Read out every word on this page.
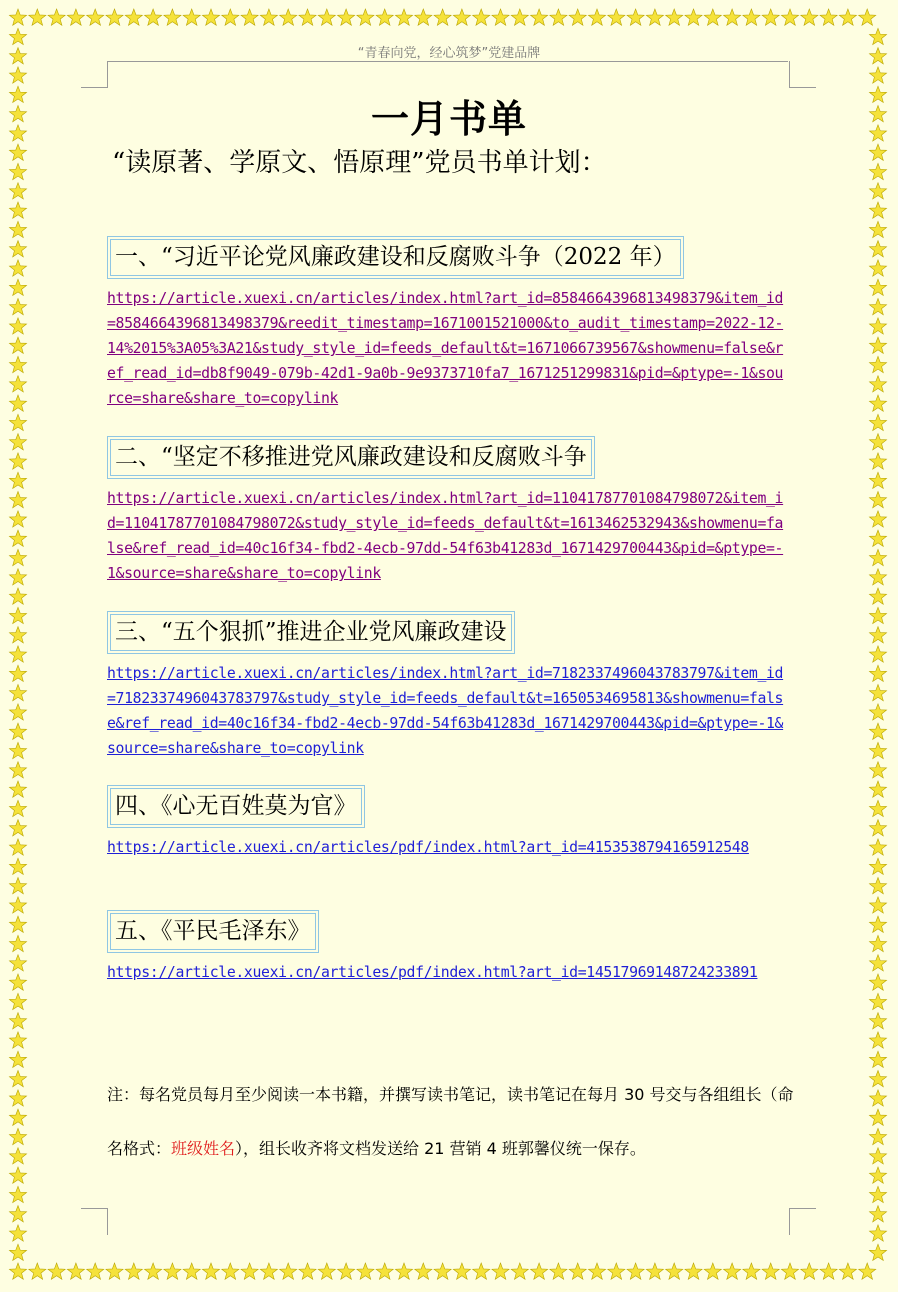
“青春向党，经心筑梦”党建品牌
一月书单
“读原著、学原文、悟原理”党员书单计划：
一、“习近平论党风廉政建设和反腐败斗争（2022 年）
https://article.xuexi.cn/articles/index.html?art_id=8584664396813498379&item_id=8584664396813498379&reedit_timestamp=1671001521000&to_audit_timestamp=2022-12-14%2015%3A05%3A21&study_style_id=feeds_default&t=1671066739567&showmenu=false&ref_read_id=db8f9049-079b-42d1-9a0b-9e9373710fa7_1671251299831&pid=&ptype=-1&source=share&share_to=copylink
二、“坚定不移推进党风廉政建设和反腐败斗争
https://article.xuexi.cn/articles/index.html?art_id=11041787701084798072&item_id=11041787701084798072&study_style_id=feeds_default&t=1613462532943&showmenu=false&ref_read_id=40c16f34-fbd2-4ecb-97dd-54f63b41283d_1671429700443&pid=&ptype=-1&source=share&share_to=copylink
三、“五个狠抓”推进企业党风廉政建设
https://article.xuexi.cn/articles/index.html?art_id=7182337496043783797&item_id=7182337496043783797&study_style_id=feeds_default&t=1650534695813&showmenu=false&ref_read_id=40c16f34-fbd2-4ecb-97dd-54f63b41283d_1671429700443&pid=&ptype=-1&source=share&share_to=copylink
四、《心无百姓莫为官》
https://article.xuexi.cn/articles/pdf/index.html?art_id=4153538794165912548
五、《平民毛泽东》
https://article.xuexi.cn/articles/pdf/index.html?art_id=14517969148724233891
注：每名党员每月至少阅读一本书籍，并撰写读书笔记，读书笔记在每月 30 号交与各组组长（命名格式：班级姓名），组长收齐将文档发送给 21 营销 4 班郭馨仪统一保存。
